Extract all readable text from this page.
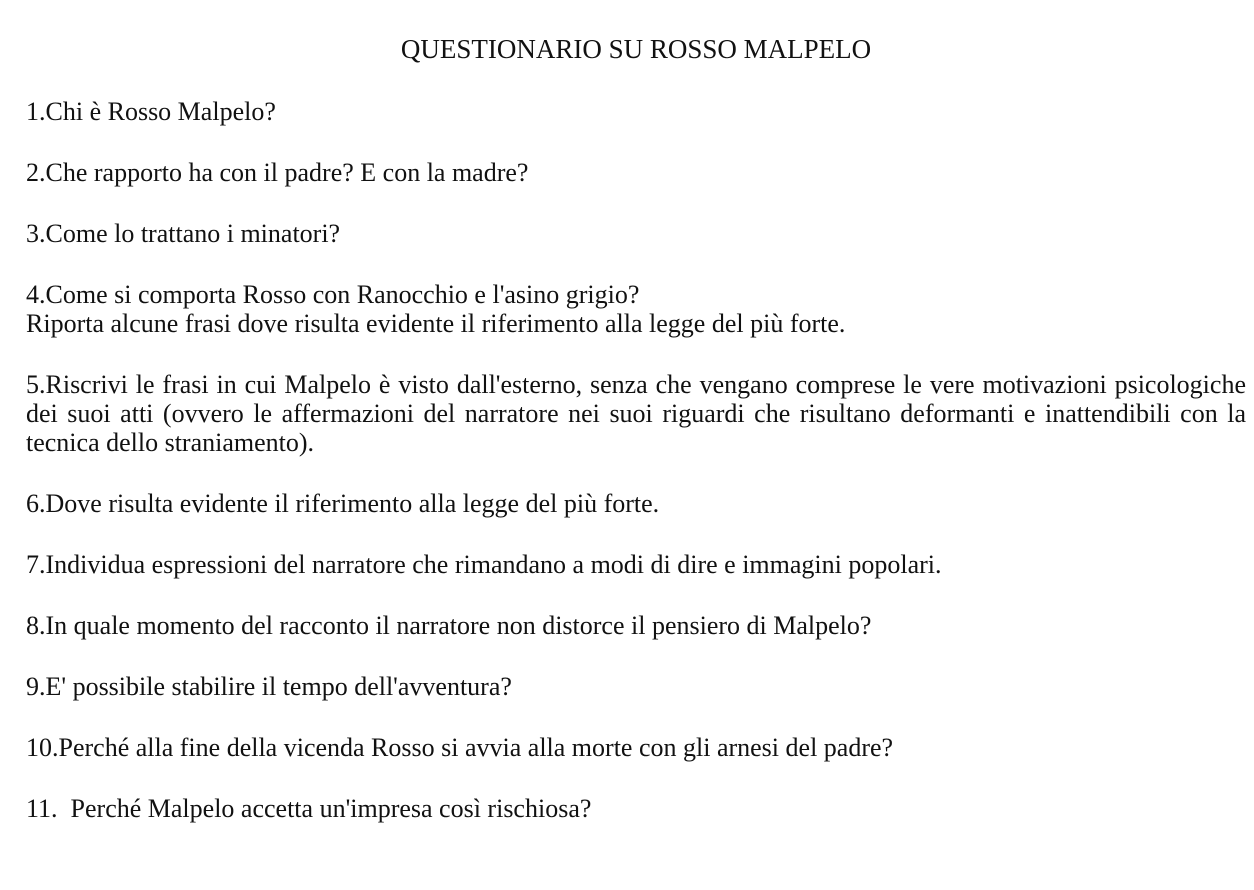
QUESTIONARIO SU ROSSO MALPELO
1.Chi è Rosso Malpelo?
2.Che rapporto ha con il padre? E con la madre?
3.Come lo trattano i minatori?
4.Come si comporta Rosso con Ranocchio e l'asino grigio?
Riporta alcune frasi dove risulta evidente il riferimento alla legge del più forte.
5.Riscrivi le frasi in cui Malpelo è visto dall'esterno, senza che vengano comprese le vere motivazioni psicologiche dei suoi atti (ovvero le affermazioni del narratore nei suoi riguardi che risultano deformanti e inattendibili con la tecnica dello straniamento).
6.Dove risulta evidente il riferimento alla legge del più forte.
7.Individua espressioni del narratore che rimandano a modi di dire e immagini popolari.
8.In quale momento del racconto il narratore non distorce il pensiero di Malpelo?
9.E' possibile stabilire il tempo dell'avventura?
10.Perché alla fine della vicenda Rosso si avvia alla morte con gli arnesi del padre?
11.  Perché Malpelo accetta un'impresa così rischiosa?
